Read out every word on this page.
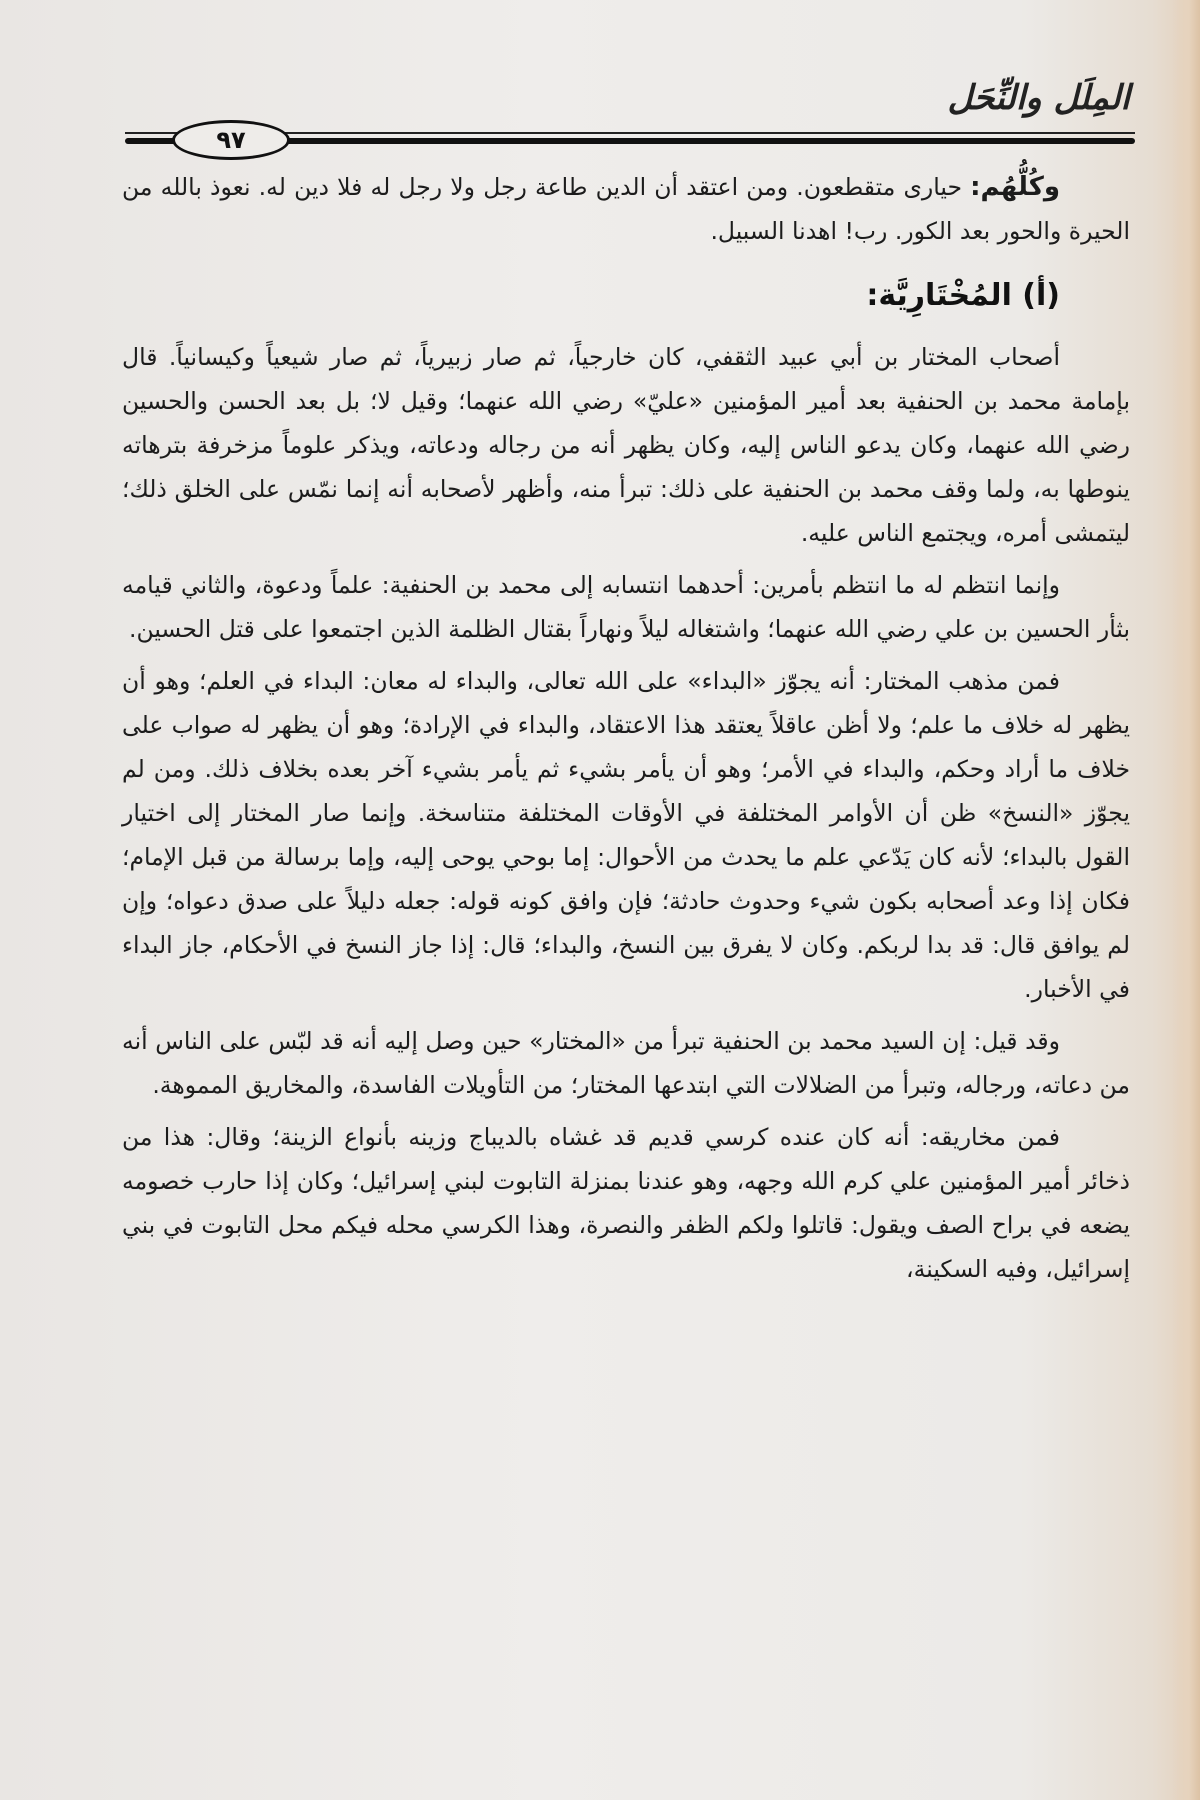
المِلَل والنِّحَل
٩٧

وكُلُّهُم: حيارى متقطعون. ومن اعتقد أن الدين طاعة رجل ولا رجل له فلا دين له. نعوذ بالله من الحيرة والحور بعد الكور. رب! اهدنا السبيل.

(أ) المُخْتَارِيَّة:

أصحاب المختار بن أبي عبيد الثقفي، كان خارجياً، ثم صار زبيرياً، ثم صار شيعياً وكيسانياً. قال بإمامة محمد بن الحنفية بعد أمير المؤمنين «عليّ» رضي الله عنهما؛ وقيل لا؛ بل بعد الحسن والحسين رضي الله عنهما، وكان يدعو الناس إليه، وكان يظهر أنه من رجاله ودعاته، ويذكر علوماً مزخرفة بترهاته ينوطها به، ولما وقف محمد بن الحنفية على ذلك: تبرأ منه، وأظهر لأصحابه أنه إنما نمّس على الخلق ذلك؛ ليتمشى أمره، ويجتمع الناس عليه.

وإنما انتظم له ما انتظم بأمرين: أحدهما انتسابه إلى محمد بن الحنفية: علماً ودعوة، والثاني قيامه بثأر الحسين بن علي رضي الله عنهما؛ واشتغاله ليلاً ونهاراً بقتال الظلمة الذين اجتمعوا على قتل الحسين.

فمن مذهب المختار: أنه يجوّز «البداء» على الله تعالى، والبداء له معان: البداء في العلم؛ وهو أن يظهر له خلاف ما علم؛ ولا أظن عاقلاً يعتقد هذا الاعتقاد، والبداء في الإرادة؛ وهو أن يظهر له صواب على خلاف ما أراد وحكم، والبداء في الأمر؛ وهو أن يأمر بشيء ثم يأمر بشيء آخر بعده بخلاف ذلك. ومن لم يجوّز «النسخ» ظن أن الأوامر المختلفة في الأوقات المختلفة متناسخة. وإنما صار المختار إلى اختيار القول بالبداء؛ لأنه كان يَدّعي علم ما يحدث من الأحوال: إما بوحي يوحى إليه، وإما برسالة من قبل الإمام؛ فكان إذا وعد أصحابه بكون شيء وحدوث حادثة؛ فإن وافق كونه قوله: جعله دليلاً على صدق دعواه؛ وإن لم يوافق قال: قد بدا لربكم. وكان لا يفرق بين النسخ، والبداء؛ قال: إذا جاز النسخ في الأحكام، جاز البداء في الأخبار.

وقد قيل: إن السيد محمد بن الحنفية تبرأ من «المختار» حين وصل إليه أنه قد لبّس على الناس أنه من دعاته، ورجاله، وتبرأ من الضلالات التي ابتدعها المختار؛ من التأويلات الفاسدة، والمخاريق المموهة.

فمن مخاريقه: أنه كان عنده كرسي قديم قد غشاه بالديباج وزينه بأنواع الزينة؛ وقال: هذا من ذخائر أمير المؤمنين علي كرم الله وجهه، وهو عندنا بمنزلة التابوت لبني إسرائيل؛ وكان إذا حارب خصومه يضعه في براح الصف ويقول: قاتلوا ولكم الظفر والنصرة، وهذا الكرسي محله فيكم محل التابوت في بني إسرائيل، وفيه السكينة،
